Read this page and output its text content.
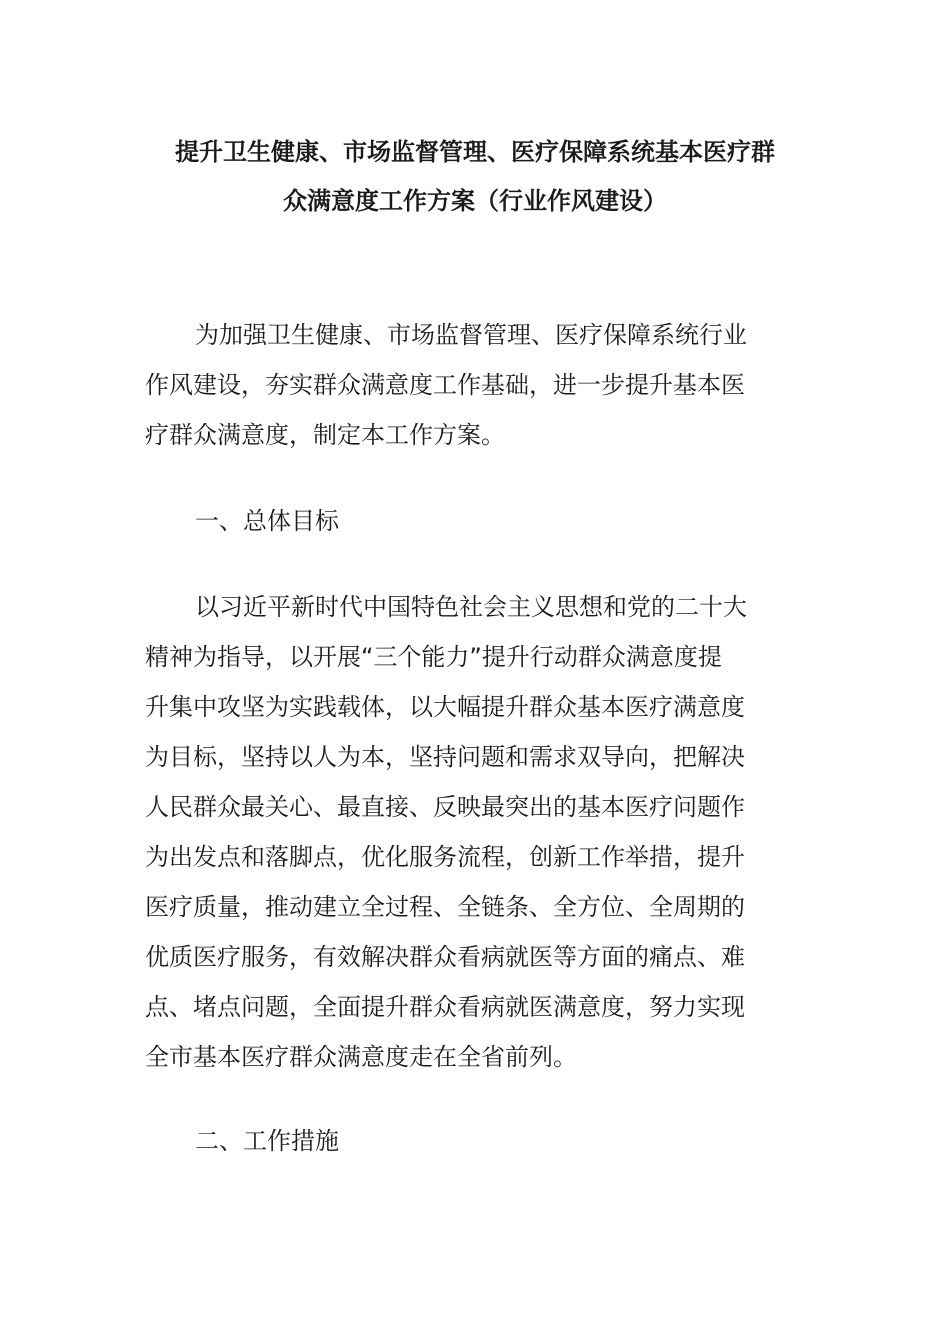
提升卫生健康、市场监督管理、医疗保障系统基本医疗群
众满意度工作方案（行业作风建设）
为加强卫生健康、市场监督管理、医疗保障系统行业
作风建设，夯实群众满意度工作基础，进一步提升基本医
疗群众满意度，制定本工作方案。
一、总体目标
以习近平新时代中国特色社会主义思想和党的二十大
精神为指导，以开展“三个能力”提升行动群众满意度提
升集中攻坚为实践载体，以大幅提升群众基本医疗满意度
为目标，坚持以人为本，坚持问题和需求双导向，把解决
人民群众最关心、最直接、反映最突出的基本医疗问题作
为出发点和落脚点，优化服务流程，创新工作举措，提升
医疗质量，推动建立全过程、全链条、全方位、全周期的
优质医疗服务，有效解决群众看病就医等方面的痛点、难
点、堵点问题，全面提升群众看病就医满意度，努力实现
全市基本医疗群众满意度走在全省前列。
二、工作措施
